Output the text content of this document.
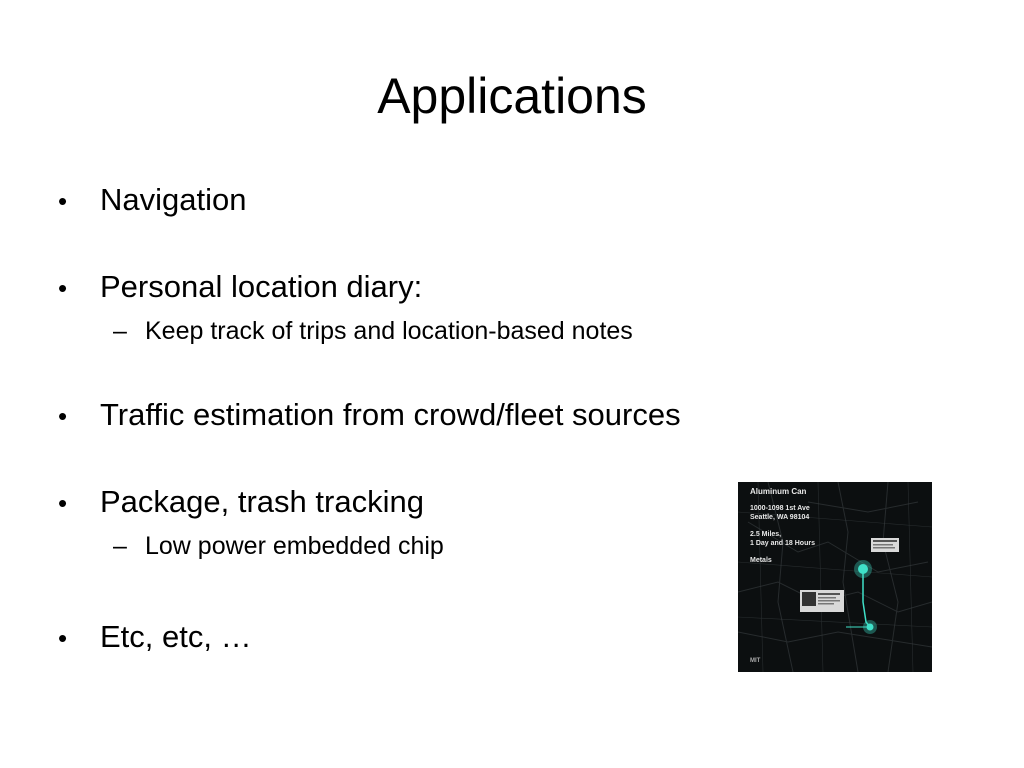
Applications
• Navigation
• Personal location diary:
– Keep track of trips and location-based notes
• Traffic estimation from crowd/fleet sources
• Package, trash tracking
– Low power embedded chip
• Etc, etc, …
Aluminum Can
1000-1098 1st Ave
Seattle, WA 98104
2.5 Miles,
1 Day and 18 Hours
Metals
MIT
